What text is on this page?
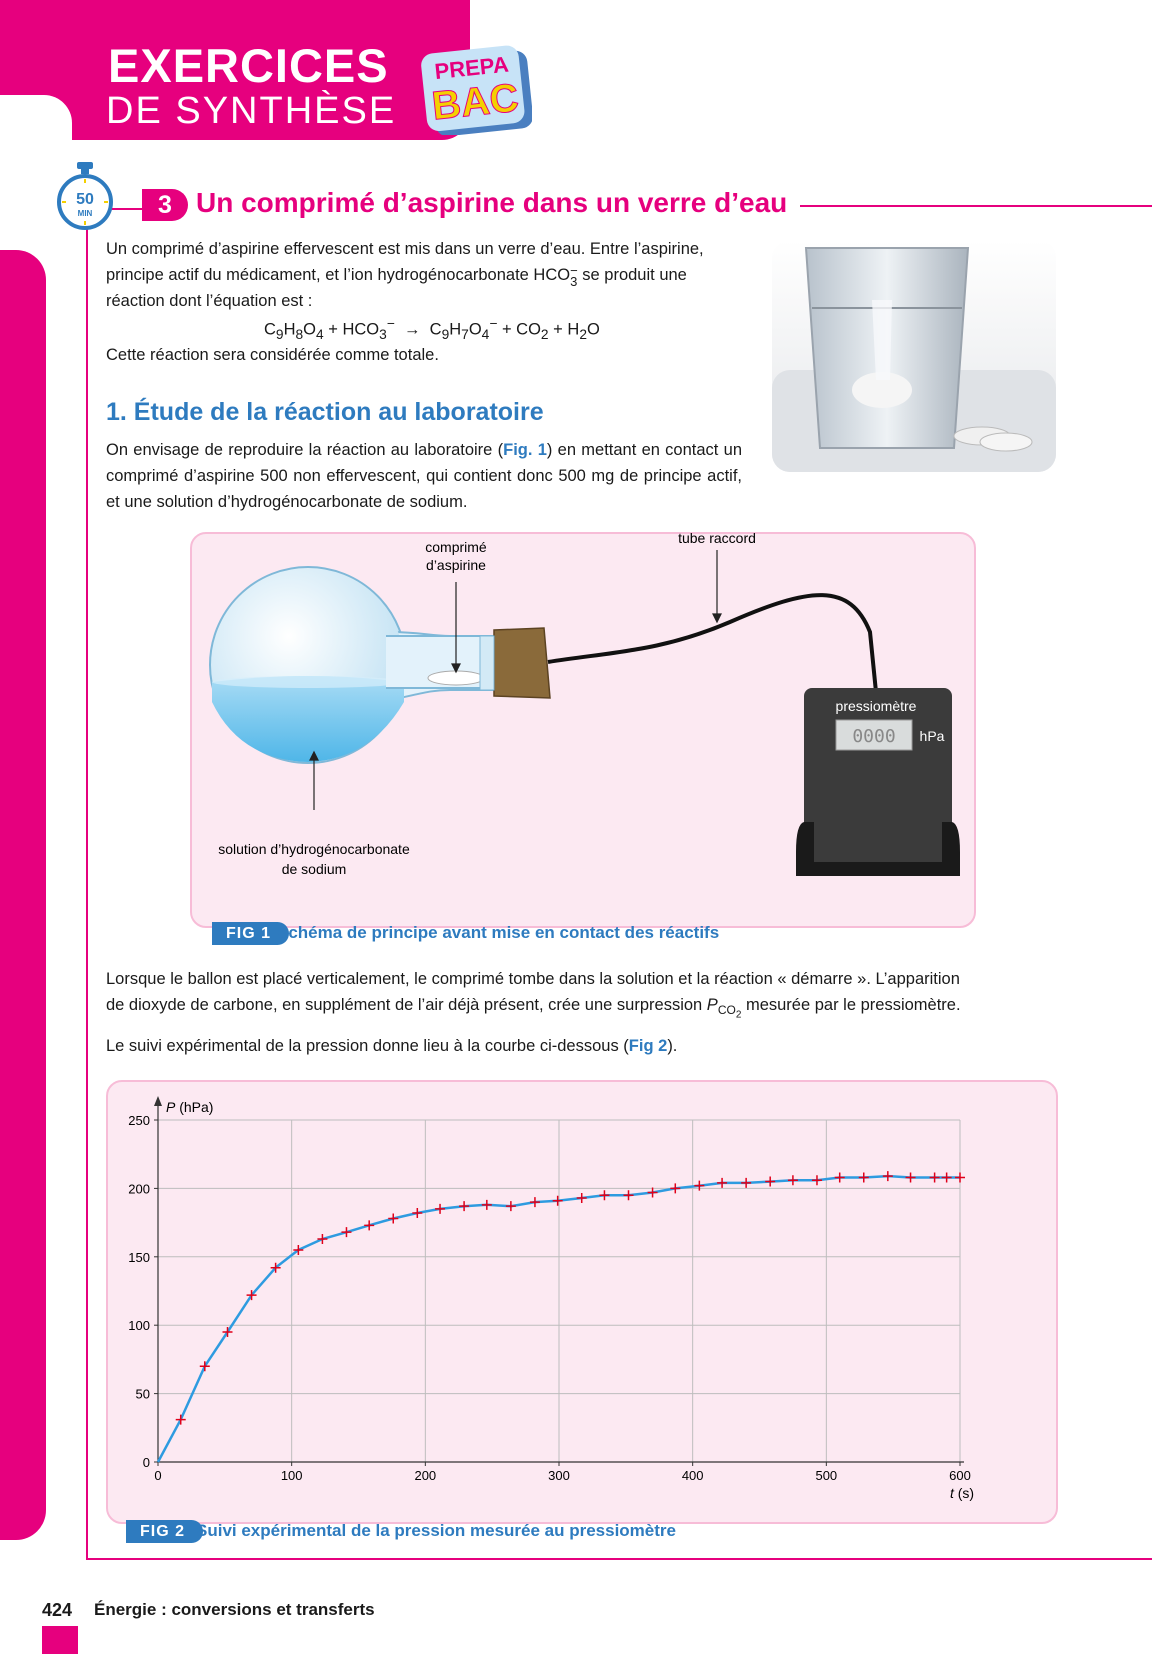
EXERCICES
DE SYNTHÈSE
PREPA
BAC
50
MIN	3 Un comprimé d’aspirine dans un verre d’eau
Un comprimé d’aspirine effervescent est mis dans un verre d’eau. Entre l’aspirine, principe actif du médicament, et l’ion hydrogénocarbonate HCO −
3 se produit une réaction dont l’équation est :
$C_9H_8O_4 + HCO_3^- \to C_9H_7O_4^- + CO_2 + H_2O$
Cette réaction sera considérée comme totale.
1. Étude de la réaction au laboratoire
On envisage de reproduire la réaction au laboratoire (Fig. 1) en mettant en contact un comprimé d’aspirine 500 non effervescent, qui contient donc 500 mg de principe actif, et une solution d’hydrogénocarbonate de sodium.
comprimé
d’aspirine
tube raccord
solution d’hydrogénocarbonate
de sodium
pressiomètre
0000 hPa
FIG 1 Schéma de principe avant mise en contact des réactifs
Lorsque le ballon est placé verticalement, le comprimé tombe dans la solution et la réaction « démarre ». L’apparition
de dioxyde de carbone, en supplément de l’air déjà présent, crée une surpression $P_{CO_2}$ mesurée par le pressiomètre.
Le suivi expérimental de la pression donne lieu à la courbe ci-dessous (Fig 2).
0	100	200	300	400	500	600
0
50
100
150
200
250
P (hPa)
t (s)
FIG 2 Suivi expérimental de la pression mesurée au pressiomètre
424 Énergie : conversions et transferts
